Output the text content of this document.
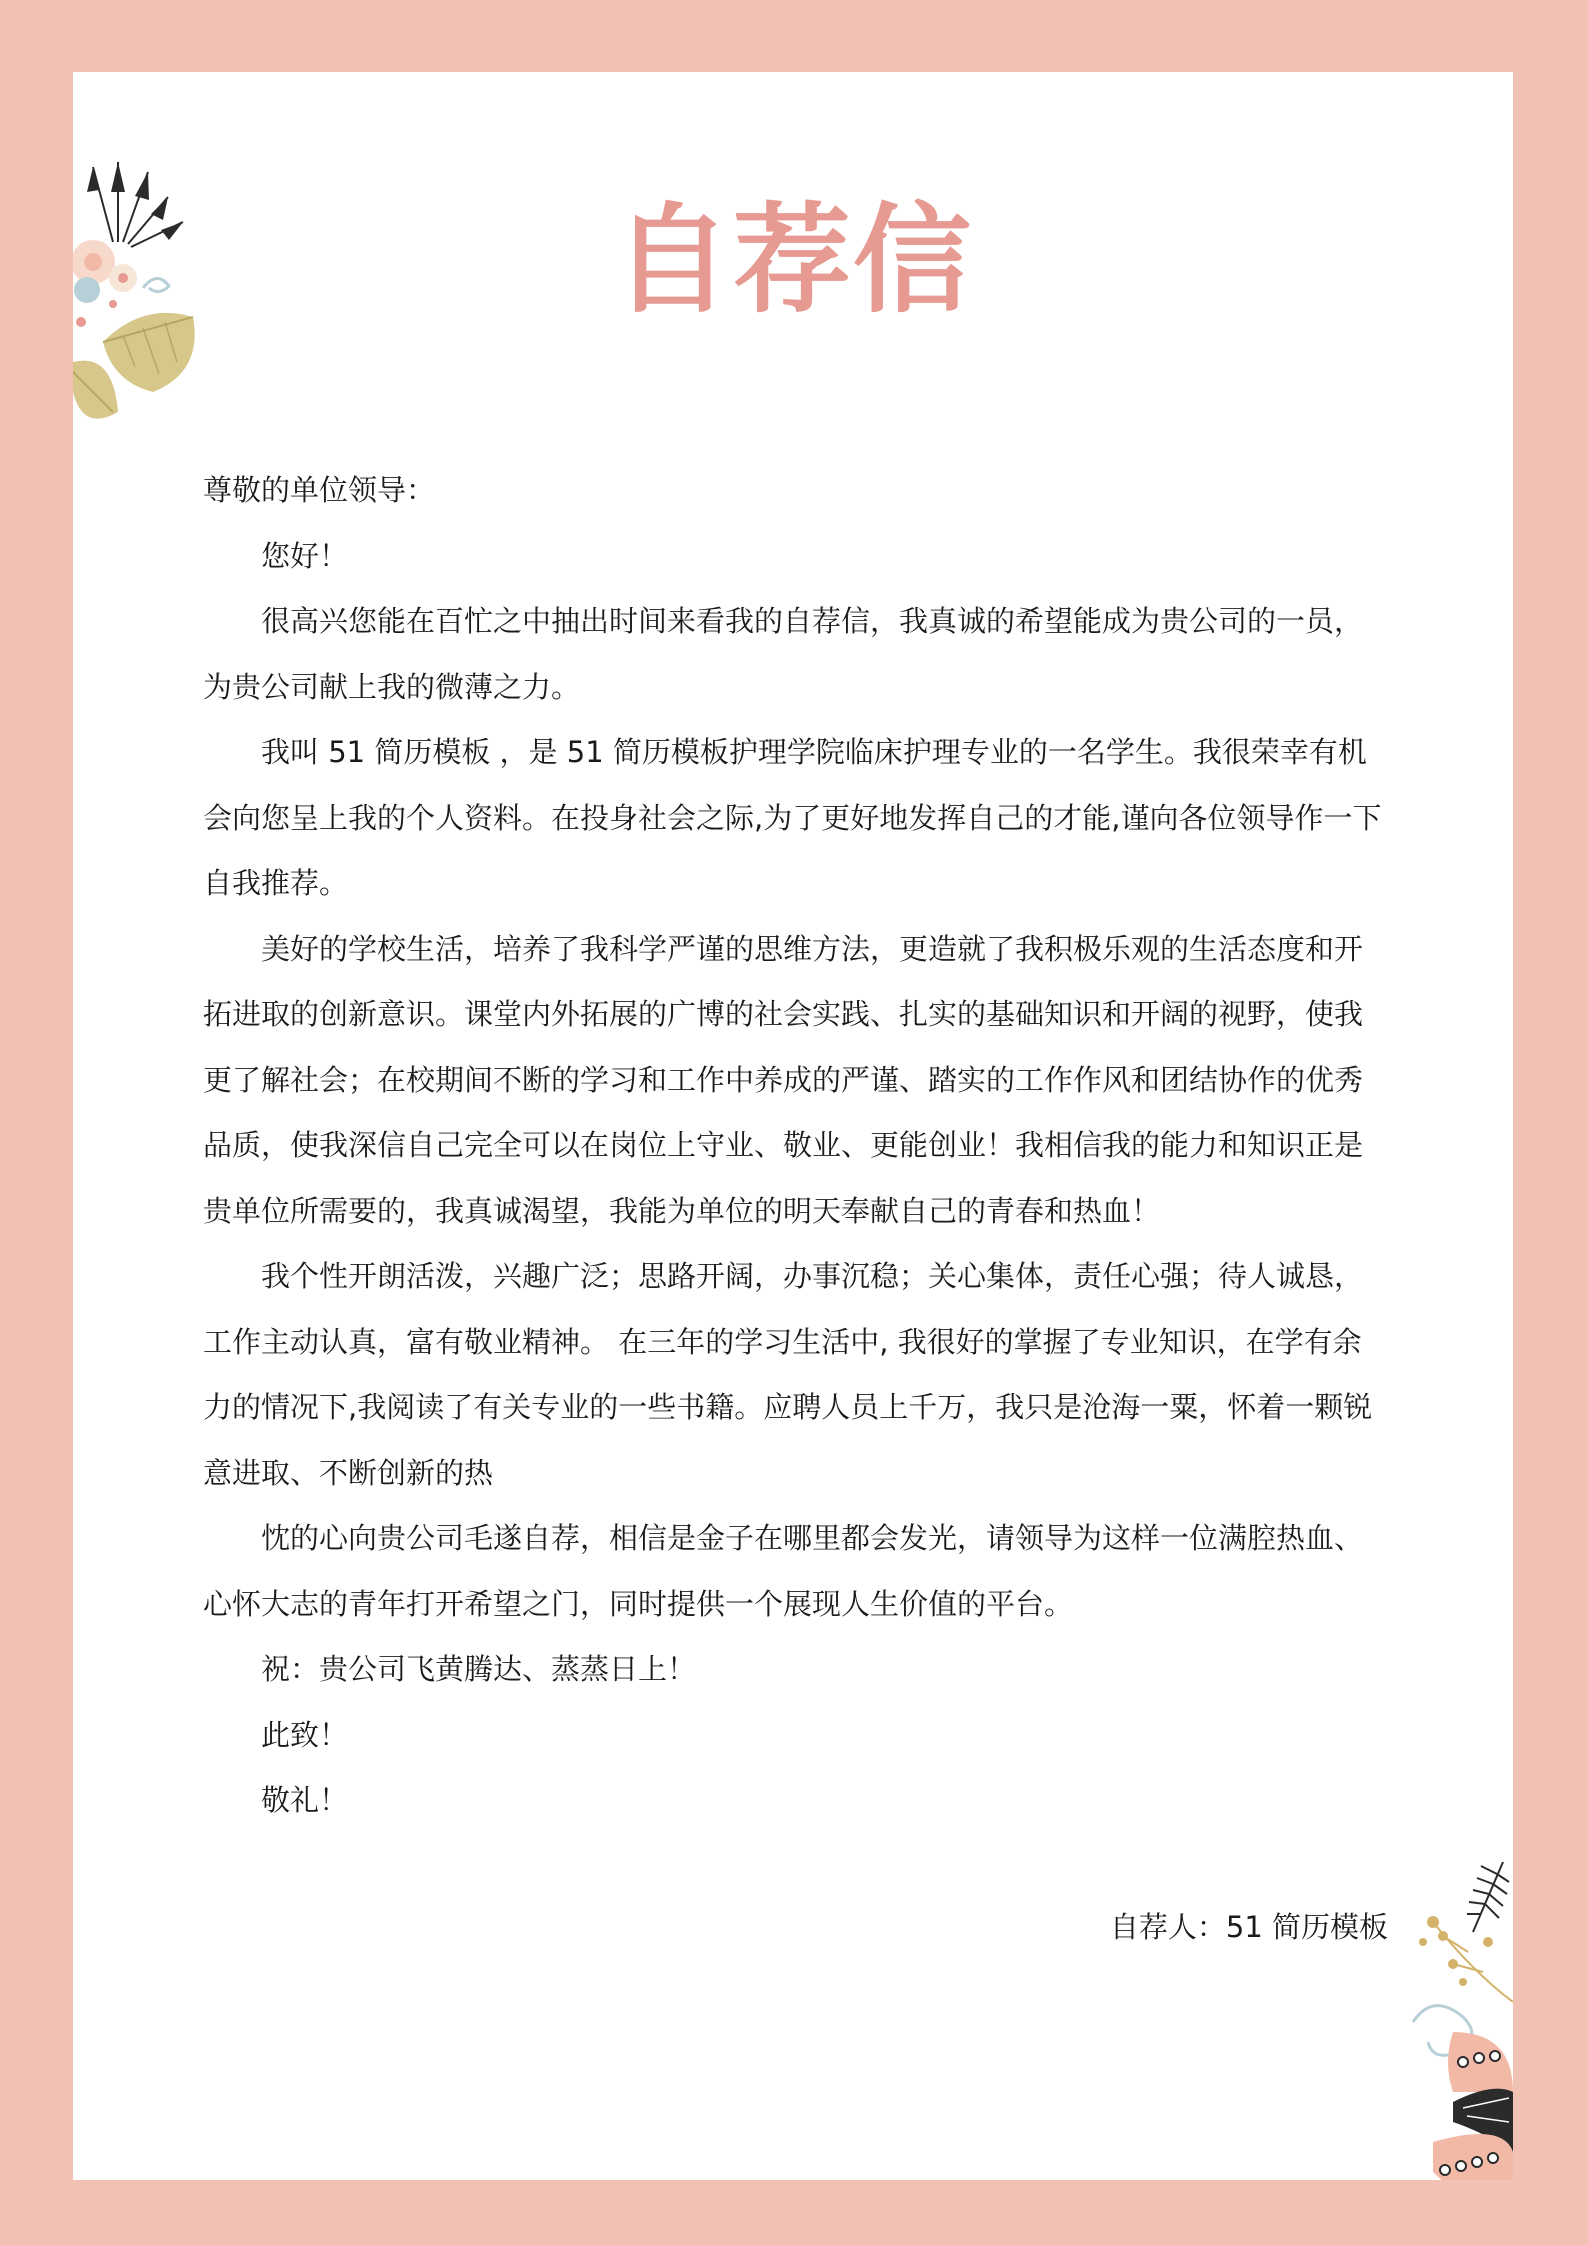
自荐信

尊敬的单位领导：

您好！

很高兴您能在百忙之中抽出时间来看我的自荐信，我真诚的希望能成为贵公司的一员，为贵公司献上我的微薄之力。

我叫 51 简历模板 ，是 51 简历模板护理学院临床护理专业的一名学生。我很荣幸有机会向您呈上我的个人资料。在投身社会之际,为了更好地发挥自己的才能,谨向各位领导作一下自我推荐。

美好的学校生活，培养了我科学严谨的思维方法，更造就了我积极乐观的生活态度和开拓进取的创新意识。课堂内外拓展的广博的社会实践、扎实的基础知识和开阔的视野，使我更了解社会；在校期间不断的学习和工作中养成的严谨、踏实的工作作风和团结协作的优秀品质，使我深信自己完全可以在岗位上守业、敬业、更能创业！我相信我的能力和知识正是贵单位所需要的，我真诚渴望，我能为单位的明天奉献自己的青春和热血！

我个性开朗活泼，兴趣广泛；思路开阔，办事沉稳；关心集体，责任心强；待人诚恳，工作主动认真，富有敬业精神。 在三年的学习生活中, 我很好的掌握了专业知识，在学有余力的情况下,我阅读了有关专业的一些书籍。应聘人员上千万，我只是沧海一粟，怀着一颗锐意进取、不断创新的热

忱的心向贵公司毛遂自荐，相信是金子在哪里都会发光，请领导为这样一位满腔热血、心怀大志的青年打开希望之门，同时提供一个展现人生价值的平台。

祝：贵公司飞黄腾达、蒸蒸日上！

此致！

敬礼！

自荐人：51 简历模板
